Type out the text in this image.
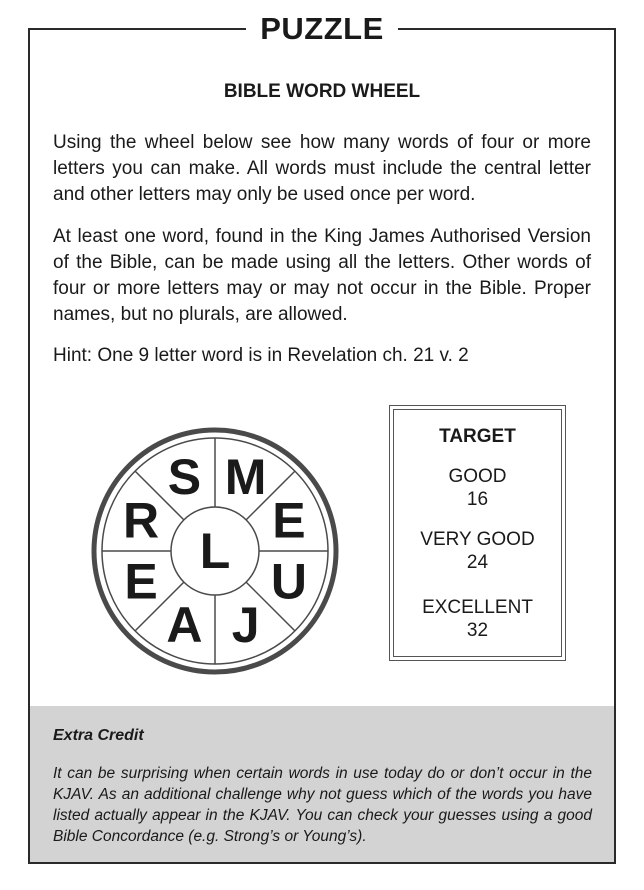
PUZZLE
BIBLE WORD WHEEL

Using the wheel below see how many words of four or more letters you can make. All words must include the central letter and other letters may only be used once per word.

At least one word, found in the King James Authorised Version of the Bible, can be made using all the letters. Other words of four or more letters may or may not occur in the Bible. Proper names, but no plurals, are allowed.

Hint: One 9 letter word is in Revelation ch. 21 v. 2

L
M
E
U
J
A
E
R
S
TARGET
GOOD
16
VERY GOOD
24
EXCELLENT
32
Extra Credit

It can be surprising when certain words in use today do or don’t occur in the KJAV. As an additional challenge why not guess which of the words you have listed actually appear in the KJAV. You can check your guesses using a good Bible Concordance (e.g. Strong’s or Young’s).
